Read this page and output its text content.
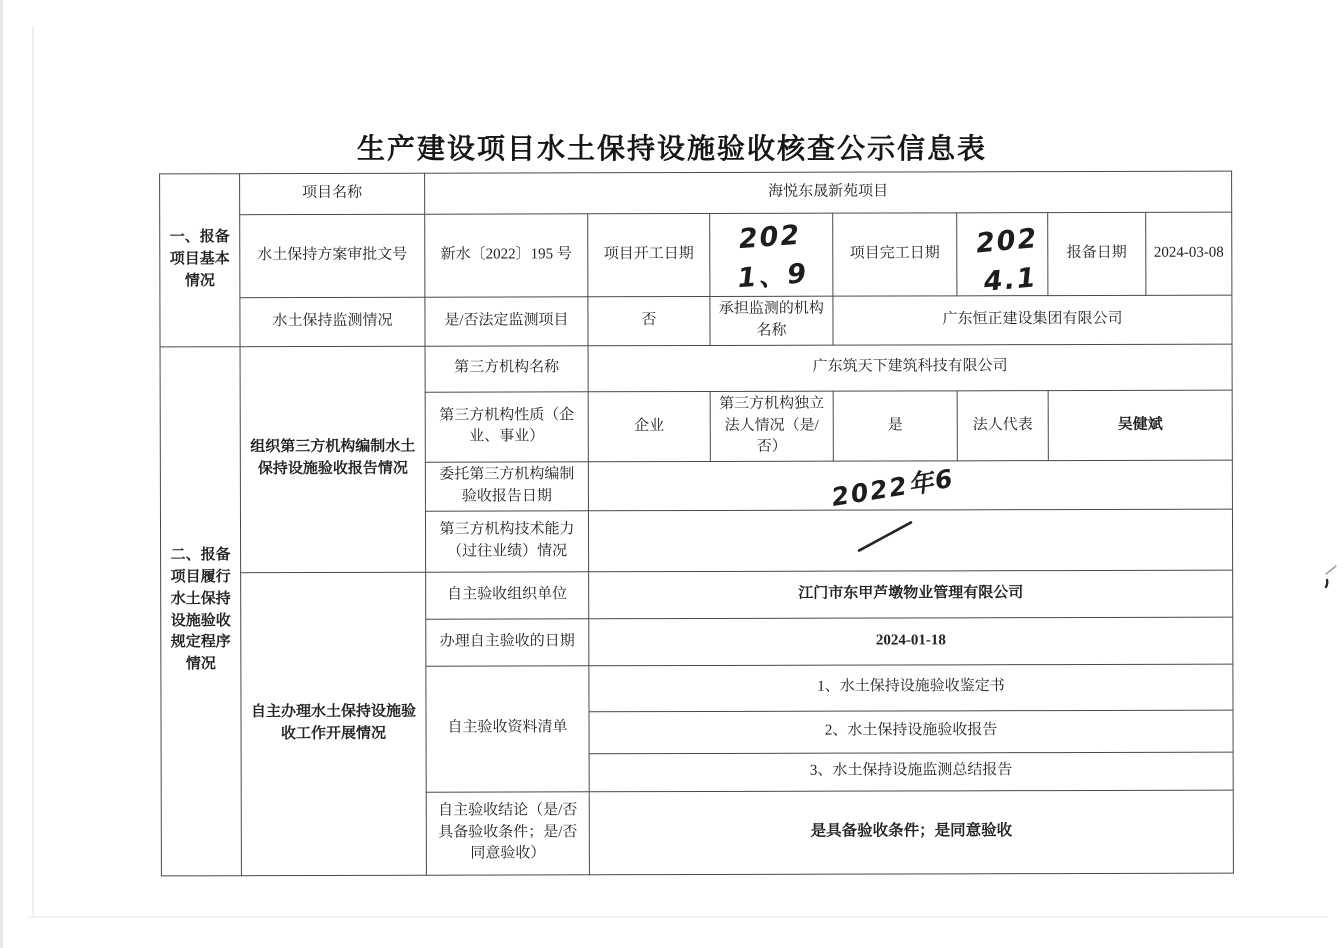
生产建设项目水土保持设施验收核查公示信息表
一、报备项目基本情况	项目名称	海悦东晟新苑项目						
	水土保持方案审批文号	新水〔2022〕195 号	项目开工日期	2021、9	项目完工日期	2024.1	报备日期	2024-03-08
	水土保持监测情况	是/否法定监测项目	否	承担监测的机构名称	广东恒正建设集团有限公司			
二、报备项目履行水土保持设施验收规定程序情况	组织第三方机构编制水土保持设施验收报告情况	第三方机构名称	广东筑天下建筑科技有限公司					
		第三方机构性质（企业、事业）	企业	第三方机构独立法人情况（是/否）	是	法人代表	吴健斌	
		委托第三方机构编制验收报告日期	2022年6					
		第三方机构技术能力（过往业绩）情况	
	自主办理水土保持设施验收工作开展情况	自主验收组织单位	江门市东甲芦墩物业管理有限公司					
		办理自主验收的日期	2024-01-18					
		自主验收资料清单	1、水土保持设施验收鉴定书					
			2、水土保持设施验收报告					
			3、水土保持设施监测总结报告					
		自主验收结论（是/否具备验收条件；是/否同意验收）	是具备验收条件；是同意验收					
